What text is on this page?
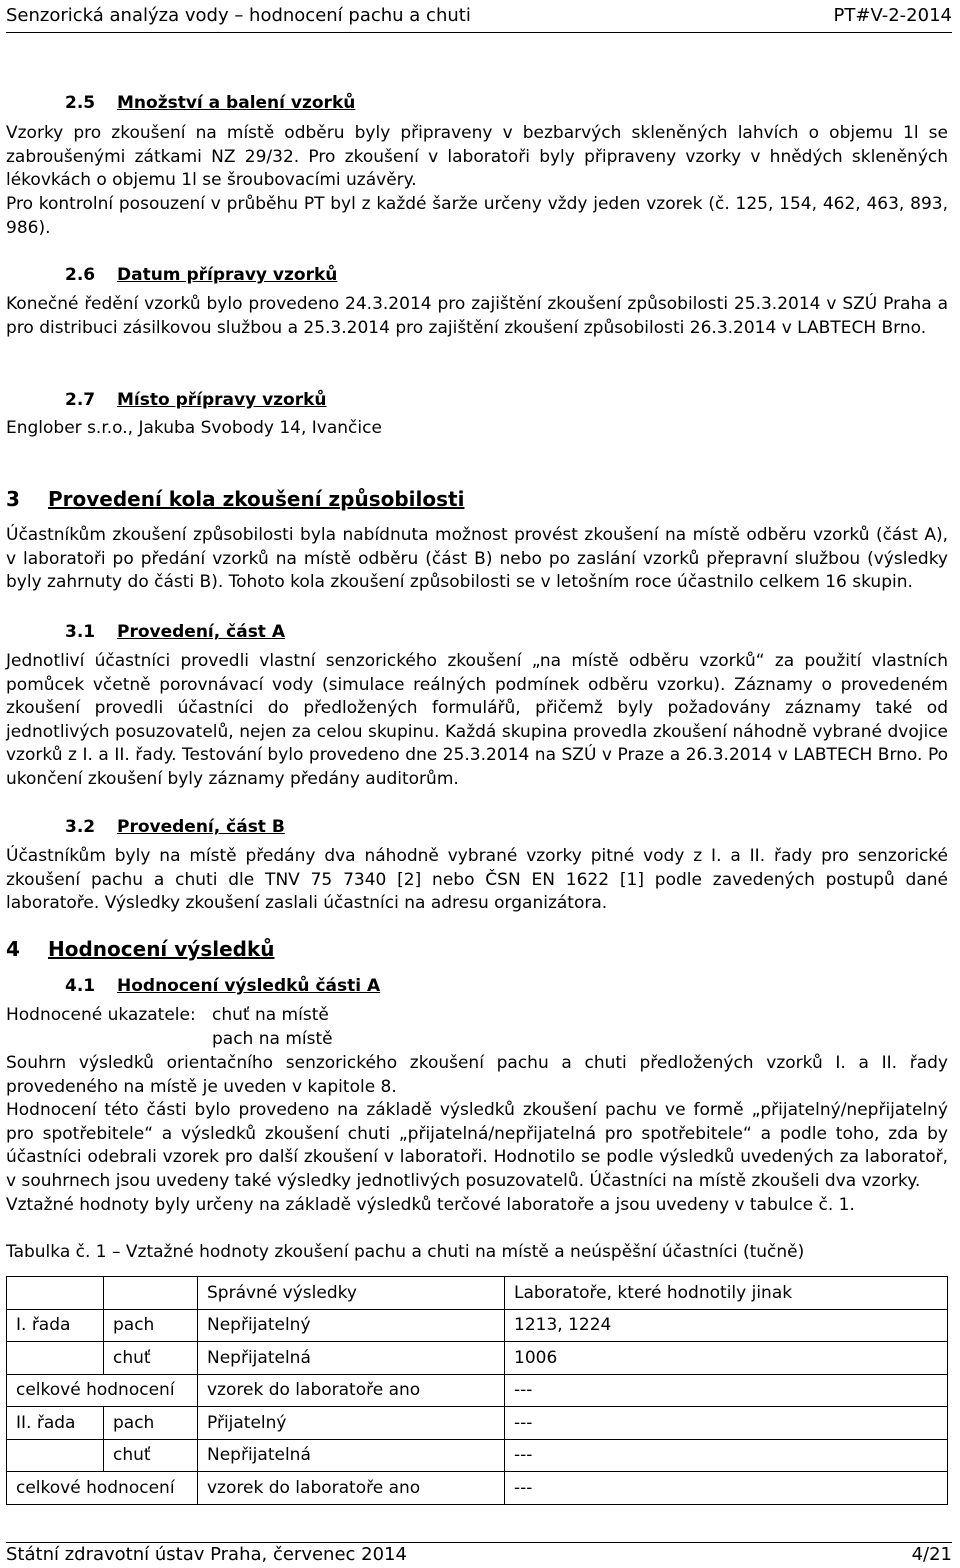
Senzorická analýza vody – hodnocení pachu a chuti	PT#V-2-2014
2.5 Množství a balení vzorků
Vzorky pro zkoušení na místě odběru byly připraveny v bezbarvých skleněných lahvích o objemu 1l se zabroušenými zátkami NZ 29/32. Pro zkoušení v laboratoři byly připraveny vzorky v hnědých skleněných lékovkách o objemu 1l se šroubovacími uzávěry.
Pro kontrolní posouzení v průběhu PT byl z každé šarže určeny vždy jeden vzorek (č. 125, 154, 462, 463, 893, 986).
2.6 Datum přípravy vzorků
Konečné ředění vzorků bylo provedeno 24.3.2014 pro zajištění zkoušení způsobilosti 25.3.2014 v SZÚ Praha a pro distribuci zásilkovou službou a 25.3.2014 pro zajištění zkoušení způsobilosti 26.3.2014 v LABTECH Brno.
2.7 Místo přípravy vzorků
Englober s.r.o., Jakuba Svobody 14, Ivančice
3 Provedení kola zkoušení způsobilosti
Účastníkům zkoušení způsobilosti byla nabídnuta možnost provést zkoušení na místě odběru vzorků (část A), v laboratoři po předání vzorků na místě odběru (část B) nebo po zaslání vzorků přepravní službou (výsledky byly zahrnuty do části B). Tohoto kola zkoušení způsobilosti se v letošním roce účastnilo celkem 16 skupin.
3.1 Provedení, část A
Jednotliví účastníci provedli vlastní senzorického zkoušení „na místě odběru vzorků“ za použití vlastních pomůcek včetně porovnávací vody (simulace reálných podmínek odběru vzorku). Záznamy o provedeném zkoušení provedli účastníci do předložených formulářů, přičemž byly požadovány záznamy také od jednotlivých posuzovatelů, nejen za celou skupinu. Každá skupina provedla zkoušení náhodně vybrané dvojice vzorků z I. a II. řady. Testování bylo provedeno dne 25.3.2014 na SZÚ v Praze a 26.3.2014 v LABTECH Brno. Po ukončení zkoušení byly záznamy předány auditorům.
3.2 Provedení, část B
Účastníkům byly na místě předány dva náhodně vybrané vzorky pitné vody z I. a II. řady pro senzorické zkoušení pachu a chuti dle TNV 75 7340 [2] nebo ČSN EN 1622 [1] podle zavedených postupů dané laboratoře. Výsledky zkoušení zaslali účastníci na adresu organizátora.
4 Hodnocení výsledků
4.1 Hodnocení výsledků části A
Hodnocené ukazatele: chuť na místě
pach na místě
Souhrn výsledků orientačního senzorického zkoušení pachu a chuti předložených vzorků I. a II. řady provedeného na místě je uveden v kapitole 8.
Hodnocení této části bylo provedeno na základě výsledků zkoušení pachu ve formě „přijatelný/nepřijatelný pro spotřebitele“ a výsledků zkoušení chuti „přijatelná/nepřijatelná pro spotřebitele“ a podle toho, zda by účastníci odebrali vzorek pro další zkoušení v laboratoři. Hodnotilo se podle výsledků uvedených za laboratoř, v souhrnech jsou uvedeny také výsledky jednotlivých posuzovatelů. Účastníci na místě zkoušeli dva vzorky.
Vztažné hodnoty byly určeny na základě výsledků terčové laboratoře a jsou uvedeny v tabulce č. 1.
Tabulka č. 1 – Vztažné hodnoty zkoušení pachu a chuti na místě a neúspěšní účastníci (tučně)
		Správné výsledky	Laboratoře, které hodnotily jinak
I. řada	pach	Nepřijatelný	1213, 1224
	chuť	Nepřijatelná	1006
celkové hodnocení		vzorek do laboratoře ano	---
II. řada	pach	Přijatelný	---
	chuť	Nepřijatelná	---
celkové hodnocení		vzorek do laboratoře ano	---
Státní zdravotní ústav Praha, červenec 2014	4/21
